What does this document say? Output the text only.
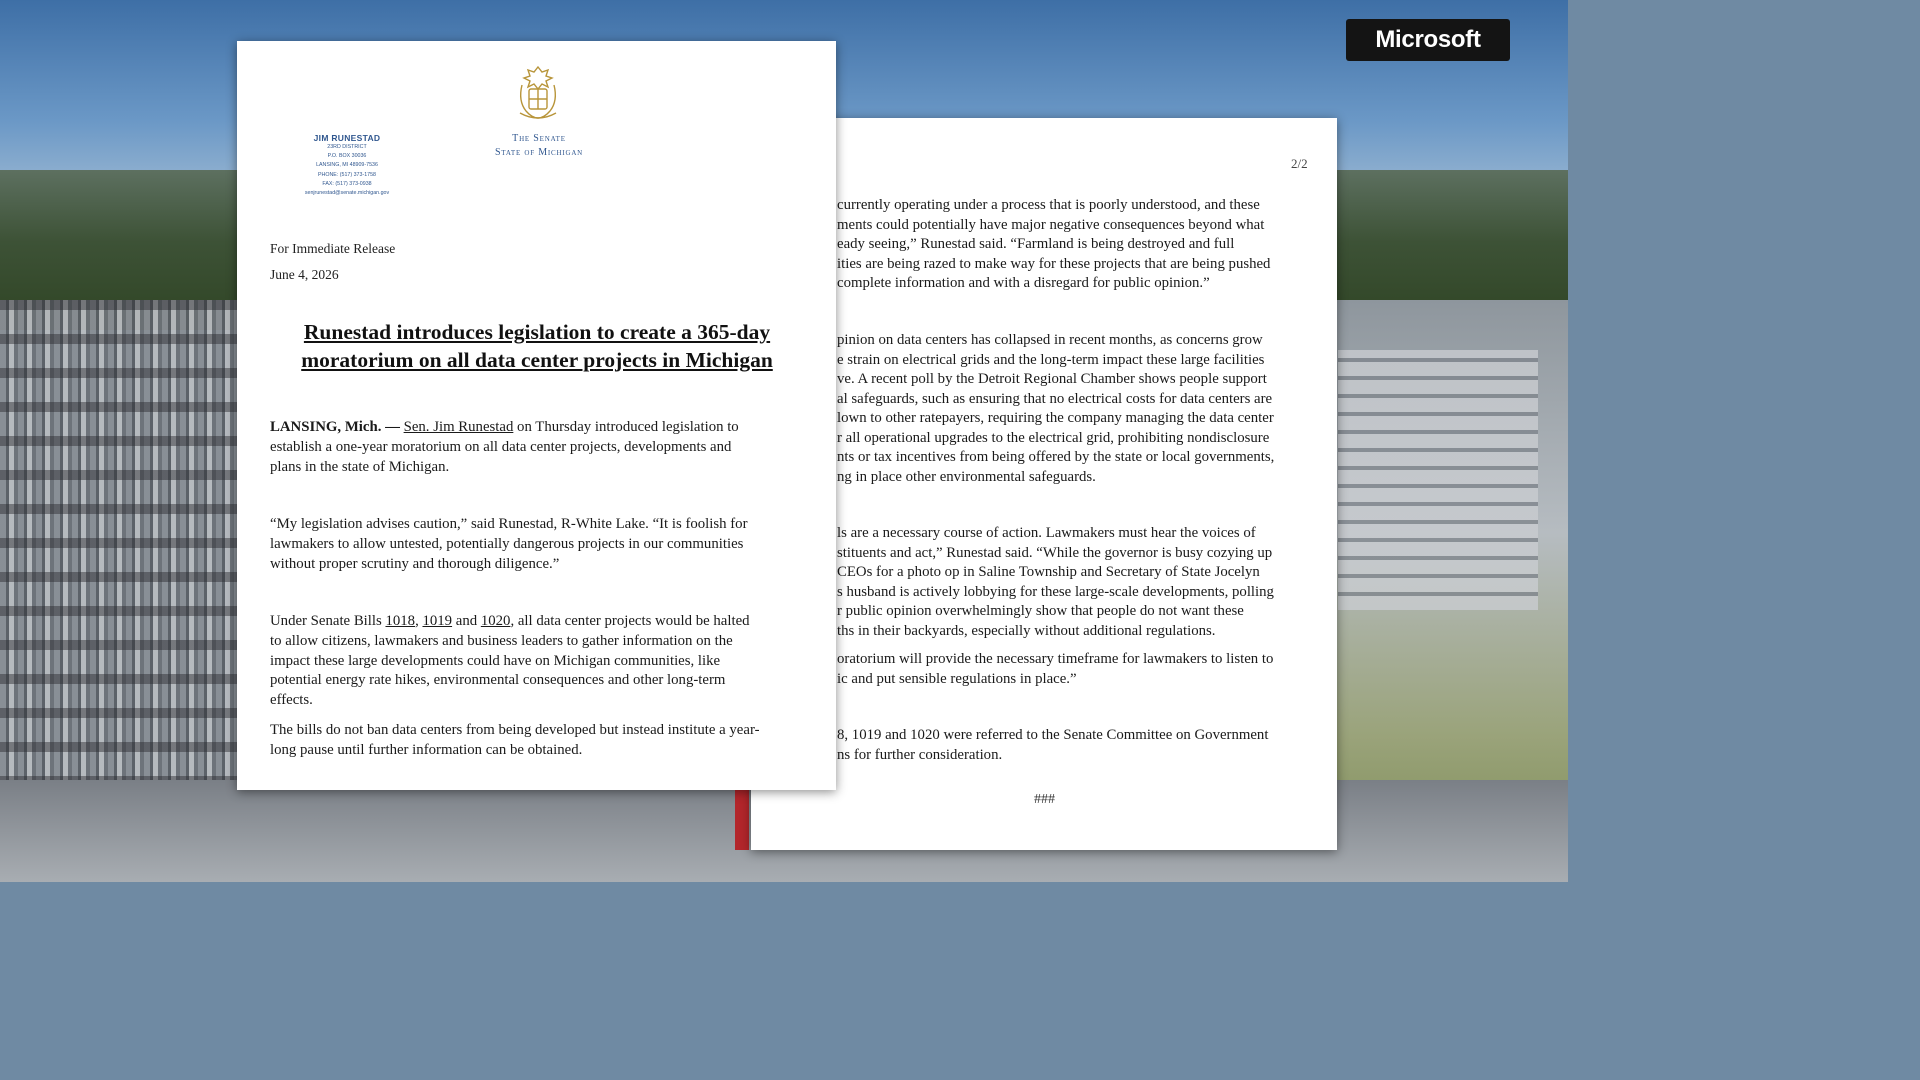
Microsoft
2/2

currently operating under a process that is poorly understood, and these
ments could potentially have major negative consequences beyond what
eady seeing,” Runestad said. “Farmland is being destroyed and full
ities are being razed to make way for these projects that are being pushed
complete information and with a disregard for public opinion.”

pinion on data centers has collapsed in recent months, as concerns grow
e strain on electrical grids and the long-term impact these large facilities
ve. A recent poll by the Detroit Regional Chamber shows people support
al safeguards, such as ensuring that no electrical costs for data centers are
lown to other ratepayers, requiring the company managing the data center
r all operational upgrades to the electrical grid, prohibiting nondisclosure
nts or tax incentives from being offered by the state or local governments,
ng in place other environmental safeguards.

ls are a necessary course of action. Lawmakers must hear the voices of
stituents and act,” Runestad said. “While the governor is busy cozying up
CEOs for a photo op in Saline Township and Secretary of State Jocelyn
s husband is actively lobbying for these large-scale developments, polling
r public opinion overwhelmingly show that people do not want these
ths in their backyards, especially without additional regulations.

oratorium will provide the necessary timeframe for lawmakers to listen to
ic and put sensible regulations in place.”

8, 1019 and 1020 were referred to the Senate Committee on Government
ns for further consideration.

###
JIM RUNESTAD
23RD DISTRICT
P.O. BOX 30036
LANSING, MI 48909-7536
PHONE: (517) 373-1758
FAX: (517) 373-0938
senjrunestad@senate.michigan.gov
The Senate
State of Michigan
For Immediate Release
June 4, 2026
Runestad introduces legislation to create a 365-day
moratorium on all data center projects in Michigan

LANSING, Mich. — Sen. Jim Runestad on Thursday introduced legislation to
establish a one-year moratorium on all data center projects, developments and
plans in the state of Michigan.

“My legislation advises caution,” said Runestad, R-White Lake. “It is foolish for
lawmakers to allow untested, potentially dangerous projects in our communities
without proper scrutiny and thorough diligence.”

Under Senate Bills 1018, 1019 and 1020, all data center projects would be halted
to allow citizens, lawmakers and business leaders to gather information on the
impact these large developments could have on Michigan communities, like
potential energy rate hikes, environmental consequences and other long-term
effects.

The bills do not ban data centers from being developed but instead institute a year-
long pause until further information can be obtained.
